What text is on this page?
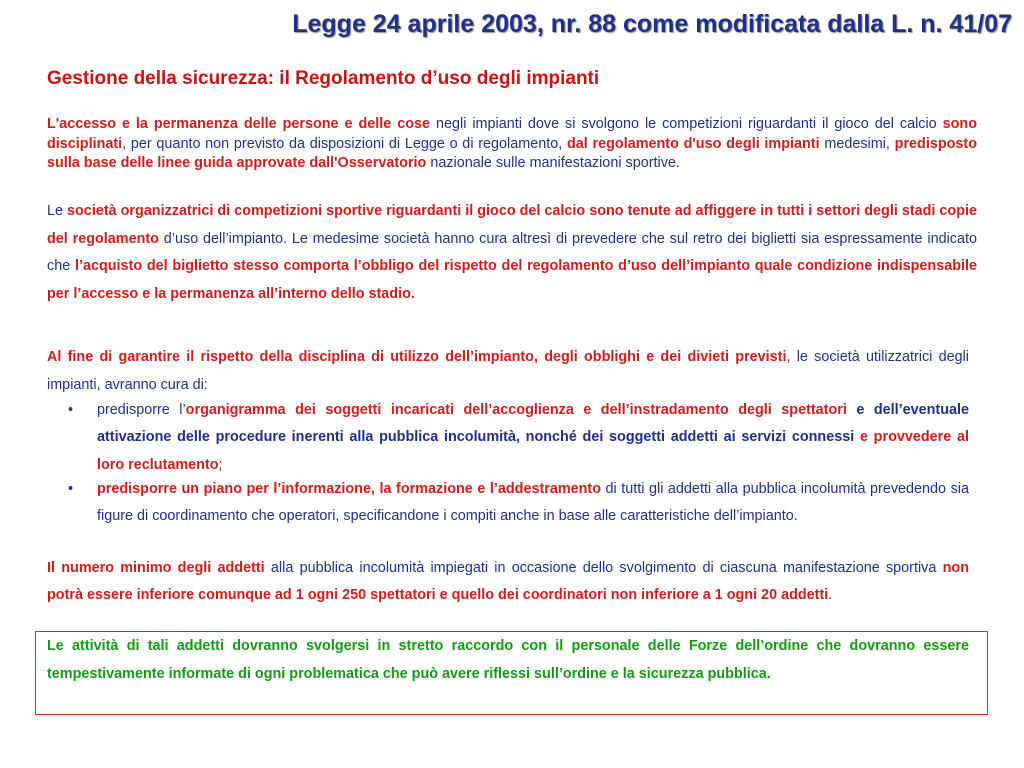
Legge 24 aprile 2003, nr. 88 come modificata dalla L. n. 41/07
Gestione della sicurezza: il Regolamento d’uso degli impianti
L'accesso e la permanenza delle persone e delle cose negli impianti dove si svolgono le competizioni riguardanti il gioco del calcio sono disciplinati, per quanto non previsto da disposizioni di Legge o di regolamento, dal regolamento d'uso degli impianti medesimi, predisposto sulla base delle linee guida approvate dall'Osservatorio nazionale sulle manifestazioni sportive.
Le società organizzatrici di competizioni sportive riguardanti il gioco del calcio sono tenute ad affiggere in tutti i settori degli stadi copie del regolamento d’uso dell’impianto. Le medesime società hanno cura altresì di prevedere che sul retro dei biglietti sia espressamente indicato che l’acquisto del biglietto stesso comporta l’obbligo del rispetto del regolamento d’uso dell’impianto quale condizione indispensabile per l’accesso e la permanenza all’interno dello stadio.
Al fine di garantire il rispetto della disciplina di utilizzo dell’impianto, degli obblighi e dei divieti previsti, le società utilizzatrici degli impianti, avranno cura di:
• predisporre l’organigramma dei soggetti incaricati dell’accoglienza e dell’instradamento degli spettatori e dell’eventuale attivazione delle procedure inerenti alla pubblica incolumità, nonché dei soggetti addetti ai servizi connessi e provvedere al loro reclutamento;
• predisporre un piano per l’informazione, la formazione e l’addestramento di tutti gli addetti alla pubblica incolumità prevedendo sia figure di coordinamento che operatori, specificandone i compiti anche in base alle caratteristiche dell’impianto.
Il numero minimo degli addetti alla pubblica incolumità impiegati in occasione dello svolgimento di ciascuna manifestazione sportiva non potrà essere inferiore comunque ad 1 ogni 250 spettatori e quello dei coordinatori non inferiore a 1 ogni 20 addetti.
Le attività di tali addetti dovranno svolgersi in stretto raccordo con il personale delle Forze dell’ordine che dovranno essere tempestivamente informate di ogni problematica che può avere riflessi sull’ordine e la sicurezza pubblica.
